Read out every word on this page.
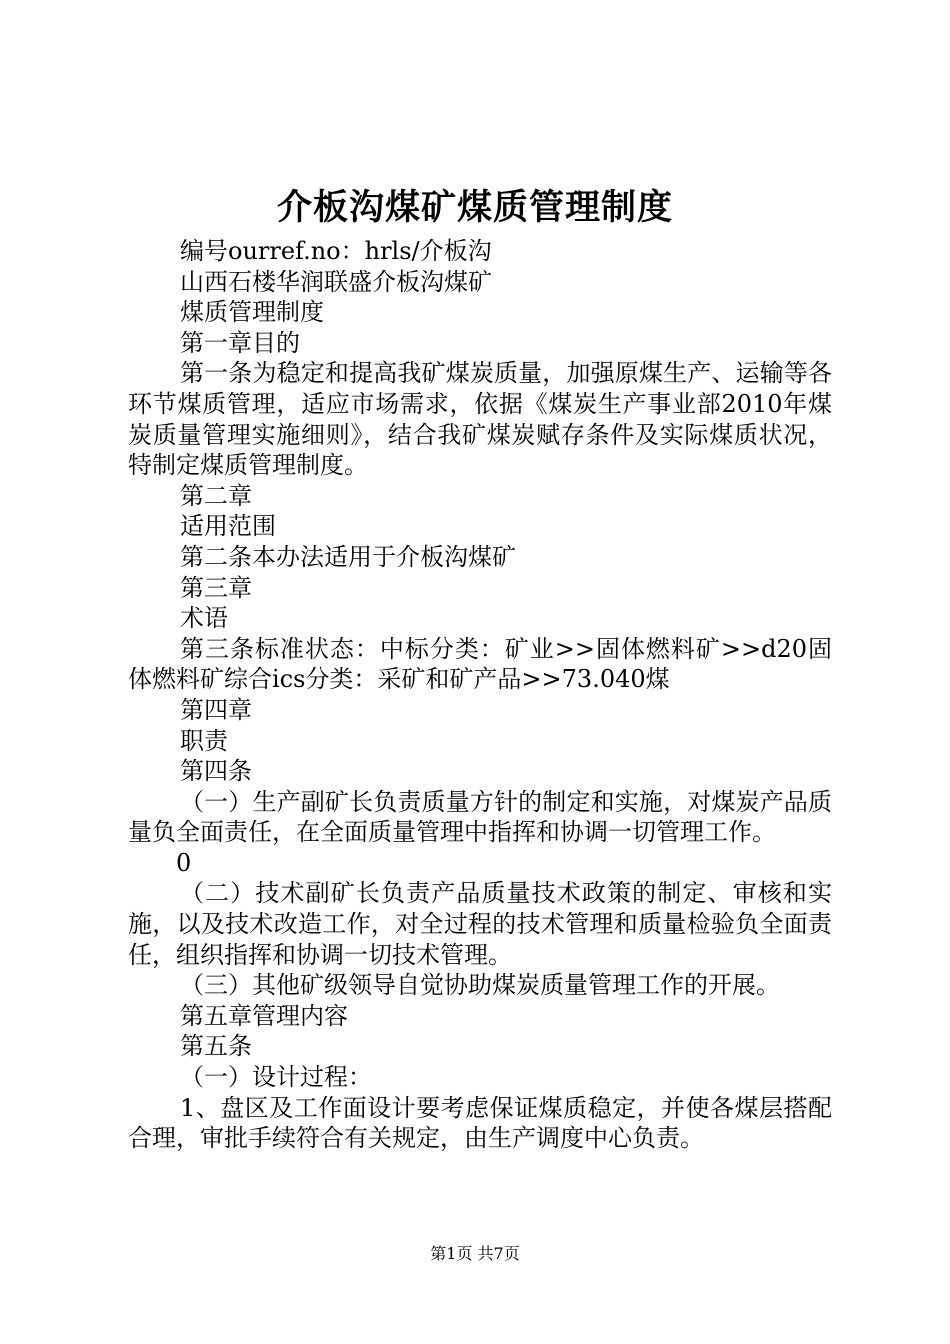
介板沟煤矿煤质管理制度

编号ourref.no：hrls/介板沟

山西石楼华润联盛介板沟煤矿

煤质管理制度

第一章目的

第一条为稳定和提高我矿煤炭质量，加强原煤生产、运输等各环节煤质管理，适应市场需求，依据《煤炭生产事业部2010年煤炭质量管理实施细则》，结合我矿煤炭赋存条件及实际煤质状况，特制定煤质管理制度。

第二章

适用范围

第二条本办法适用于介板沟煤矿

第三章

术语

第三条标准状态：中标分类：矿业>>固体燃料矿>>d20固体燃料矿综合ics分类：采矿和矿产品>>73.040煤

第四章

职责

第四条

（一）生产副矿长负责质量方针的制定和实施，对煤炭产品质量负全面责任，在全面质量管理中指挥和协调一切管理工作。

0

（二）技术副矿长负责产品质量技术政策的制定、审核和实施，以及技术改造工作，对全过程的技术管理和质量检验负全面责任，组织指挥和协调一切技术管理。

（三）其他矿级领导自觉协助煤炭质量管理工作的开展。

第五章管理内容

第五条

（一）设计过程：

1、盘区及工作面设计要考虑保证煤质稳定，并使各煤层搭配合理，审批手续符合有关规定，由生产调度中心负责。

第1页 共7页
